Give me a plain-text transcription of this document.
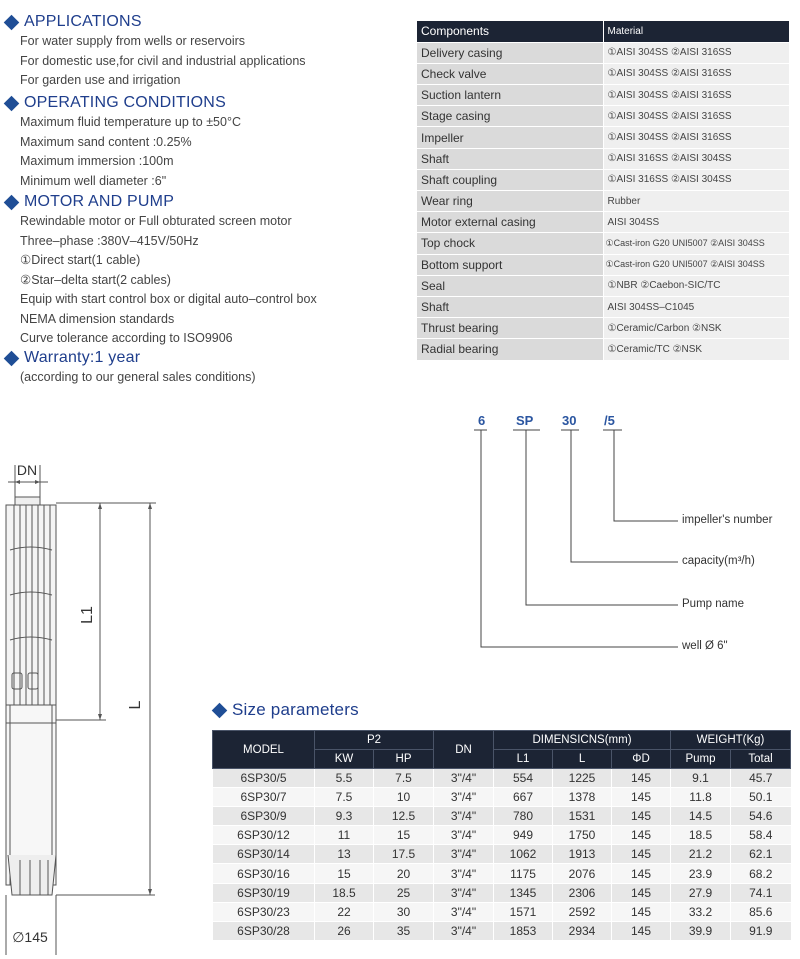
APPLICATIONS
For water supply from wells or reservoirs
For domestic use,for civil and industrial applications
For garden use and irrigation
OPERATING CONDITIONS
Maximum fluid temperature up to ±50°C
Maximum sand content :0.25%
Maximum immersion :100m
Minimum well diameter :6"
MOTOR AND PUMP
Rewindable motor or Full obturated screen motor
Three–phase :380V–415V/50Hz
①Direct start(1 cable)
②Star–delta start(2 cables)
Equip with start control box or digital auto–control box
NEMA dimension standards
Curve tolerance according to ISO9906
Warranty:1 year
(according to our general sales conditions)
Components	Material
Delivery casing	①AISI 304SS ②AISI 316SS
Check valve	①AISI 304SS ②AISI 316SS
Suction lantern	①AISI 304SS ②AISI 316SS
Stage casing	①AISI 304SS ②AISI 316SS
Impeller	①AISI 304SS ②AISI 316SS
Shaft	①AISI 316SS ②AISI 304SS
Shaft coupling	①AISI 316SS ②AISI 304SS
Wear ring	Rubber
Motor external casing	AISI 304SS
Top chock	①Cast-iron G20 UNI5007 ②AISI 304SS
Bottom support	①Cast-iron G20 UNI5007 ②AISI 304SS
Seal	①NBR ②Caebon-SIC/TC
Shaft	AISI 304SS–C1045
Thrust bearing	①Ceramic/Carbon ②NSK
Radial bearing	①Ceramic/TC ②NSK
6 SP 30 /5
impeller's number
capacity(m³/h)
Pump name
well Ø 6"
DN
L1
L
∅145
Size parameters
MODEL	P2		DN	DIMENSICNS(mm)			WEIGHT(Kg)	
	KW	HP		L1	L	ΦD	Pump	Total
6SP30/5	5.5	7.5	3"/4"	554	1225	145	9.1	45.7
6SP30/7	7.5	10	3"/4"	667	1378	145	11.8	50.1
6SP30/9	9.3	12.5	3"/4"	780	1531	145	14.5	54.6
6SP30/12	11	15	3"/4"	949	1750	145	18.5	58.4
6SP30/14	13	17.5	3"/4"	1062	1913	145	21.2	62.1
6SP30/16	15	20	3"/4"	1175	2076	145	23.9	68.2
6SP30/19	18.5	25	3"/4"	1345	2306	145	27.9	74.1
6SP30/23	22	30	3"/4"	1571	2592	145	33.2	85.6
6SP30/28	26	35	3"/4"	1853	2934	145	39.9	91.9
